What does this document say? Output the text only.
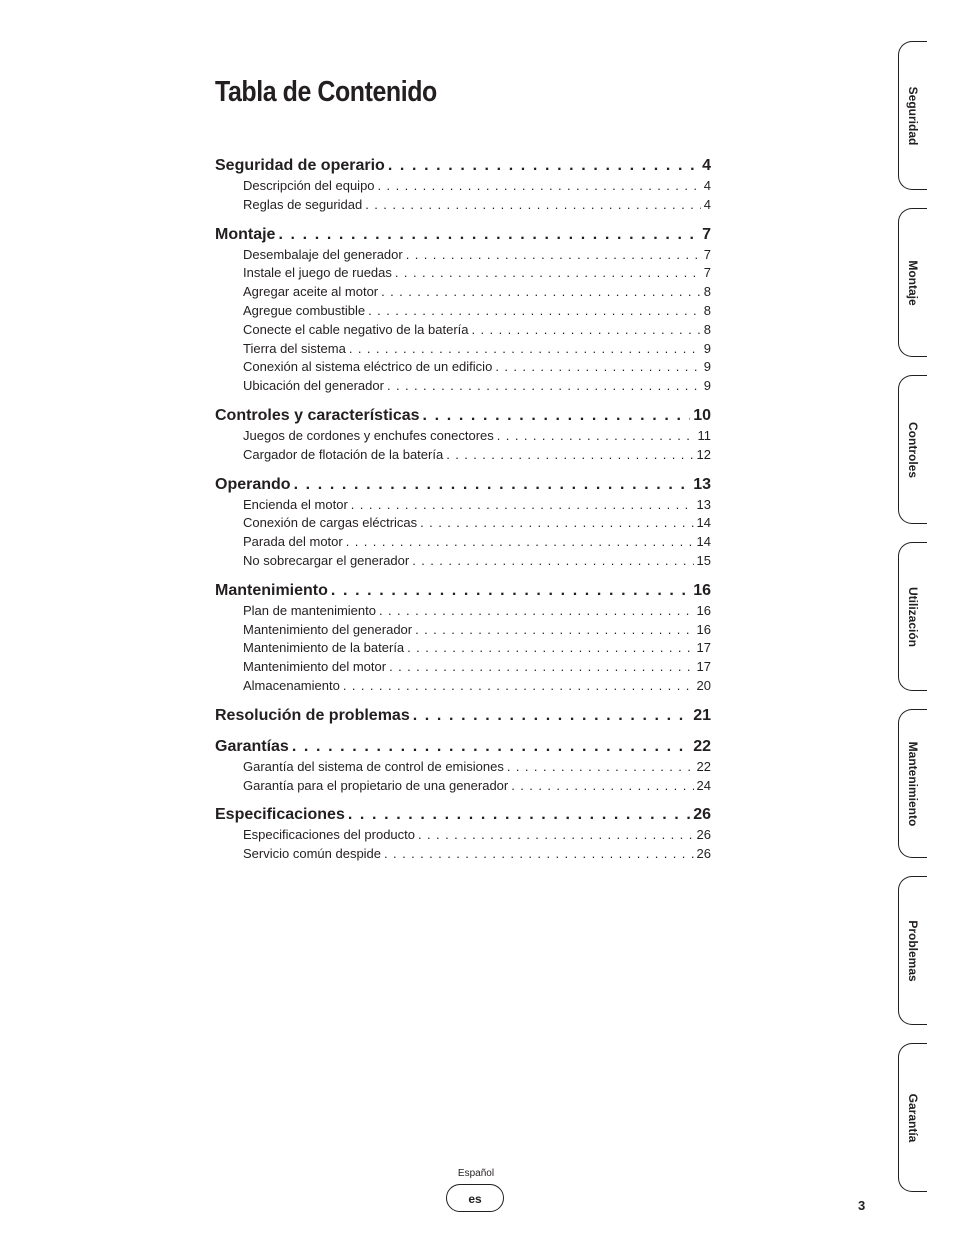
Tabla de Contenido
Seguridad de operario . . .	4
Descripción del equipo . . .	4
Reglas de seguridad . . .	4
Montaje . . .	7
Desembalaje del generador . . .	7
Instale el juego de ruedas . . .	7
Agregar aceite al motor . . .	8
Agregue combustible . . .	8
Conecte el cable negativo de la batería . . .	8
Tierra del sistema . . .	9
Conexión al sistema eléctrico de un edificio . . .	9
Ubicación del generador . . .	9
Controles y características . . .	10
Juegos de cordones y enchufes conectores . . .	11
Cargador de flotación de la batería . . .	12
Operando . . .	13
Encienda el motor . . .	13
Conexión de cargas eléctricas . . .	14
Parada del motor . . .	14
No sobrecargar el generador . . .	15
Mantenimiento . . .	16
Plan de mantenimiento . . .	16
Mantenimiento del generador . . .	16
Mantenimiento de la batería . . .	17
Mantenimiento del motor . . .	17
Almacenamiento . . .	20
Resolución de problemas . . .	21
Garantías . . .	22
Garantía del sistema de control de emisiones . . .	22
Garantía para el propietario de una generador . . .	24
Especificaciones . . .	26
Especificaciones del producto . . .	26
Servicio común despide . . .	26
Seguridad
Montaje
Controles
Utilización
Mantenimiento
Problemas
Garantía
Español
es	3
